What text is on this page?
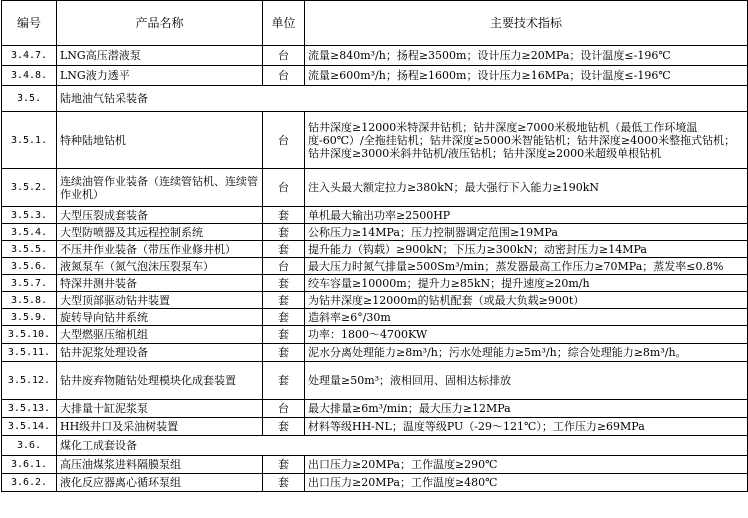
编号	产品名称	单位	主要技术指标
3.4.7.	LNG高压潜液泵	台	流量≥840m³/h；扬程≥3500m；设计压力≥20MPa；设计温度≤-196℃
3.4.8.	LNG液力透平	台	流量≥600m³/h；扬程≥1600m；设计压力≥16MPa；设计温度≤-196℃
3.5.	陆地油气钻采装备		
3.5.1.	特种陆地钻机	台	钻井深度≥12000米特深井钻机；钻井深度≥7000米极地钻机（最低工作环境温度-60℃）/全拖挂钻机；钻井深度≥5000米智能钻机；钻井深度≥4000米整拖式钻机；钻井深度≥3000米斜井钻机/液压钻机；钻井深度≥2000米超级单根钻机
3.5.2.	连续油管作业装备（连续管钻机、连续管作业机）	台	注入头最大额定拉力≥380kN；最大强行下入能力≥190kN
3.5.3.	大型压裂成套装备	套	单机最大输出功率≥2500HP
3.5.4.	大型防喷器及其远程控制系统	套	公称压力≥14MPa；压力控制器调定范围≥19MPa
3.5.5.	不压井作业装备（带压作业修井机）	套	提升能力（钩载）≥900kN；下压力≥300kN；动密封压力≥14MPa
3.5.6.	液氮泵车（氮气泡沫压裂泵车）	台	最大压力时氮气排量≥500Sm³/min；蒸发器最高工作压力≥70MPa；蒸发率≤0.8%
3.5.7.	特深井测井装备	套	绞车容量≥10000m；提升力≥85kN；提升速度≥20m/h
3.5.8.	大型顶部驱动钻井装置	套	为钻井深度≥12000m的钻机配套（或最大负载≥900t）
3.5.9.	旋转导向钻井系统	套	造斜率≥6°/30m
3.5.10.	大型燃驱压缩机组	套	功率：1800～4700KW
3.5.11.	钻井泥浆处理设备	套	泥水分离处理能力≥8m³/h；污水处理能力≥5m³/h；综合处理能力≥8m³/h。
3.5.12.	钻井废弃物随钻处理模块化成套装置	套	处理量≥50m³；液相回用、固相达标排放
3.5.13.	大排量十缸泥浆泵	台	最大排量≥6m³/min；最大压力≥12MPa
3.5.14.	HH级井口及采油树装置	套	材料等级HH-NL；温度等级PU（-29～121℃）；工作压力≥69MPa
3.6.	煤化工成套设备		
3.6.1.	高压油煤浆进料隔膜泵组	套	出口压力≥20MPa；工作温度≥290℃
3.6.2.	液化反应器离心循环泵组	套	出口压力≥20MPa；工作温度≥480℃
